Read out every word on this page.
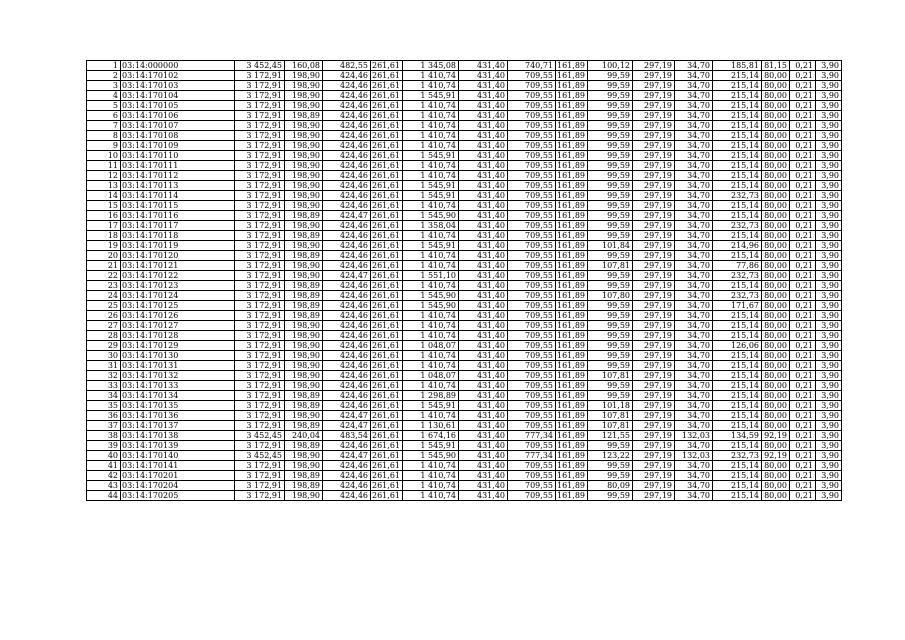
1	03:14:000000	3 452,45	160,08	482,55	261,61	1 345,08	431,40	740,71	161,89	100,12	297,19	34,70	185,81	81,15	0,21	3,90
2	03:14:170102	3 172,91	198,90	424,46	261,61	1 410,74	431,40	709,55	161,89	99,59	297,19	34,70	215,14	80,00	0,21	3,90
3	03:14:170103	3 172,91	198,90	424,46	261,61	1 410,74	431,40	709,55	161,89	99,59	297,19	34,70	215,14	80,00	0,21	3,90
4	03:14:170104	3 172,91	198,90	424,46	261,61	1 545,91	431,40	709,55	161,89	99,59	297,19	34,70	215,14	80,00	0,21	3,90
5	03:14:170105	3 172,91	198,90	424,46	261,61	1 410,74	431,40	709,55	161,89	99,59	297,19	34,70	215,14	80,00	0,21	3,90
6	03:14:170106	3 172,91	198,89	424,46	261,61	1 410,74	431,40	709,55	161,89	99,59	297,19	34,70	215,14	80,00	0,21	3,90
7	03:14:170107	3 172,91	198,90	424,46	261,61	1 410,74	431,40	709,55	161,89	99,59	297,19	34,70	215,14	80,00	0,21	3,90
8	03:14:170108	3 172,91	198,90	424,46	261,61	1 410,74	431,40	709,55	161,89	99,59	297,19	34,70	215,14	80,00	0,21	3,90
9	03:14:170109	3 172,91	198,90	424,46	261,61	1 410,74	431,40	709,55	161,89	99,59	297,19	34,70	215,14	80,00	0,21	3,90
10	03:14:170110	3 172,91	198,90	424,46	261,61	1 545,91	431,40	709,55	161,89	99,59	297,19	34,70	215,14	80,00	0,21	3,90
11	03:14:170111	3 172,91	198,90	424,46	261,61	1 410,74	431,40	709,55	161,89	99,59	297,19	34,70	215,14	80,00	0,21	3,90
12	03:14:170112	3 172,91	198,90	424,46	261,61	1 410,74	431,40	709,55	161,89	99,59	297,19	34,70	215,14	80,00	0,21	3,90
13	03:14:170113	3 172,91	198,90	424,46	261,61	1 545,91	431,40	709,55	161,89	99,59	297,19	34,70	215,14	80,00	0,21	3,90
14	03:14:170114	3 172,91	198,90	424,46	261,61	1 545,91	431,40	709,55	161,89	99,59	297,19	34,70	232,73	80,00	0,21	3,90
15	03:14:170115	3 172,91	198,90	424,46	261,61	1 410,74	431,40	709,55	161,89	99,59	297,19	34,70	215,14	80,00	0,21	3,90
16	03:14:170116	3 172,91	198,89	424,47	261,61	1 545,90	431,40	709,55	161,89	99,59	297,19	34,70	215,14	80,00	0,21	3,90
17	03:14:170117	3 172,91	198,90	424,46	261,61	1 358,04	431,40	709,55	161,89	99,59	297,19	34,70	232,73	80,00	0,21	3,90
18	03:14:170118	3 172,91	198,89	424,46	261,61	1 410,74	431,40	709,55	161,89	99,59	297,19	34,70	215,14	80,00	0,21	3,90
19	03:14:170119	3 172,91	198,90	424,46	261,61	1 545,91	431,40	709,55	161,89	101,84	297,19	34,70	214,96	80,00	0,21	3,90
20	03:14:170120	3 172,91	198,89	424,46	261,61	1 410,74	431,40	709,55	161,89	99,59	297,19	34,70	215,14	80,00	0,21	3,90
21	03:14:170121	3 172,91	198,90	424,46	261,61	1 410,74	431,40	709,55	161,89	107,81	297,19	34,70	77,86	80,00	0,21	3,90
22	03:14:170122	3 172,91	198,90	424,47	261,61	1 551,10	431,40	709,55	161,89	99,59	297,19	34,70	232,73	80,00	0,21	3,90
23	03:14:170123	3 172,91	198,89	424,46	261,61	1 410,74	431,40	709,55	161,89	99,59	297,19	34,70	215,14	80,00	0,21	3,90
24	03:14:170124	3 172,91	198,89	424,46	261,61	1 545,90	431,40	709,55	161,89	107,80	297,19	34,70	232,73	80,00	0,21	3,90
25	03:14:170125	3 172,91	198,89	424,46	261,61	1 545,90	431,40	709,55	161,89	99,59	297,19	34,70	171,67	80,00	0,21	3,90
26	03:14:170126	3 172,91	198,89	424,46	261,61	1 410,74	431,40	709,55	161,89	99,59	297,19	34,70	215,14	80,00	0,21	3,90
27	03:14:170127	3 172,91	198,90	424,46	261,61	1 410,74	431,40	709,55	161,89	99,59	297,19	34,70	215,14	80,00	0,21	3,90
28	03:14:170128	3 172,91	198,90	424,46	261,61	1 410,74	431,40	709,55	161,89	99,59	297,19	34,70	215,14	80,00	0,21	3,90
29	03:14:170129	3 172,91	198,90	424,46	261,61	1 048,07	431,40	709,55	161,89	99,59	297,19	34,70	126,06	80,00	0,21	3,90
30	03:14:170130	3 172,91	198,90	424,46	261,61	1 410,74	431,40	709,55	161,89	99,59	297,19	34,70	215,14	80,00	0,21	3,90
31	03:14:170131	3 172,91	198,90	424,46	261,61	1 410,74	431,40	709,55	161,89	99,59	297,19	34,70	215,14	80,00	0,21	3,90
32	03:14:170132	3 172,91	198,90	424,46	261,61	1 048,07	431,40	709,55	161,89	107,81	297,19	34,70	215,14	80,00	0,21	3,90
33	03:14:170133	3 172,91	198,90	424,46	261,61	1 410,74	431,40	709,55	161,89	99,59	297,19	34,70	215,14	80,00	0,21	3,90
34	03:14:170134	3 172,91	198,89	424,46	261,61	1 298,89	431,40	709,55	161,89	99,59	297,19	34,70	215,14	80,00	0,21	3,90
35	03:14:170135	3 172,91	198,89	424,46	261,61	1 545,91	431,40	709,55	161,89	101,18	297,19	34,70	215,14	80,00	0,21	3,90
36	03:14:170136	3 172,91	198,90	424,47	261,61	1 410,74	431,40	709,55	161,89	107,81	297,19	34,70	215,14	80,00	0,21	3,90
37	03:14:170137	3 172,91	198,89	424,47	261,61	1 130,61	431,40	709,55	161,89	107,81	297,19	34,70	215,14	80,00	0,21	3,90
38	03:14:170138	3 452,45	240,04	483,54	261,61	1 674,16	431,40	777,34	161,89	121,55	297,19	132,03	134,59	92,19	0,21	3,90
39	03:14:170139	3 172,91	198,89	424,46	261,61	1 545,91	431,40	709,55	161,89	99,59	297,19	34,70	215,14	80,00	0,21	3,90
40	03:14:170140	3 452,45	198,90	424,47	261,61	1 545,90	431,40	777,34	161,89	123,22	297,19	132,03	232,73	92,19	0,21	3,90
41	03:14:170141	3 172,91	198,90	424,46	261,61	1 410,74	431,40	709,55	161,89	99,59	297,19	34,70	215,14	80,00	0,21	3,90
42	03:14:170201	3 172,91	198,89	424,46	261,61	1 410,74	431,40	709,55	161,89	99,59	297,19	34,70	215,14	80,00	0,21	3,90
43	03:14:170204	3 172,91	198,89	424,46	261,61	1 410,74	431,40	709,55	161,89	80,09	297,19	34,70	215,14	80,00	0,21	3,90
44	03:14:170205	3 172,91	198,90	424,46	261,61	1 410,74	431,40	709,55	161,89	99,59	297,19	34,70	215,14	80,00	0,21	3,90
